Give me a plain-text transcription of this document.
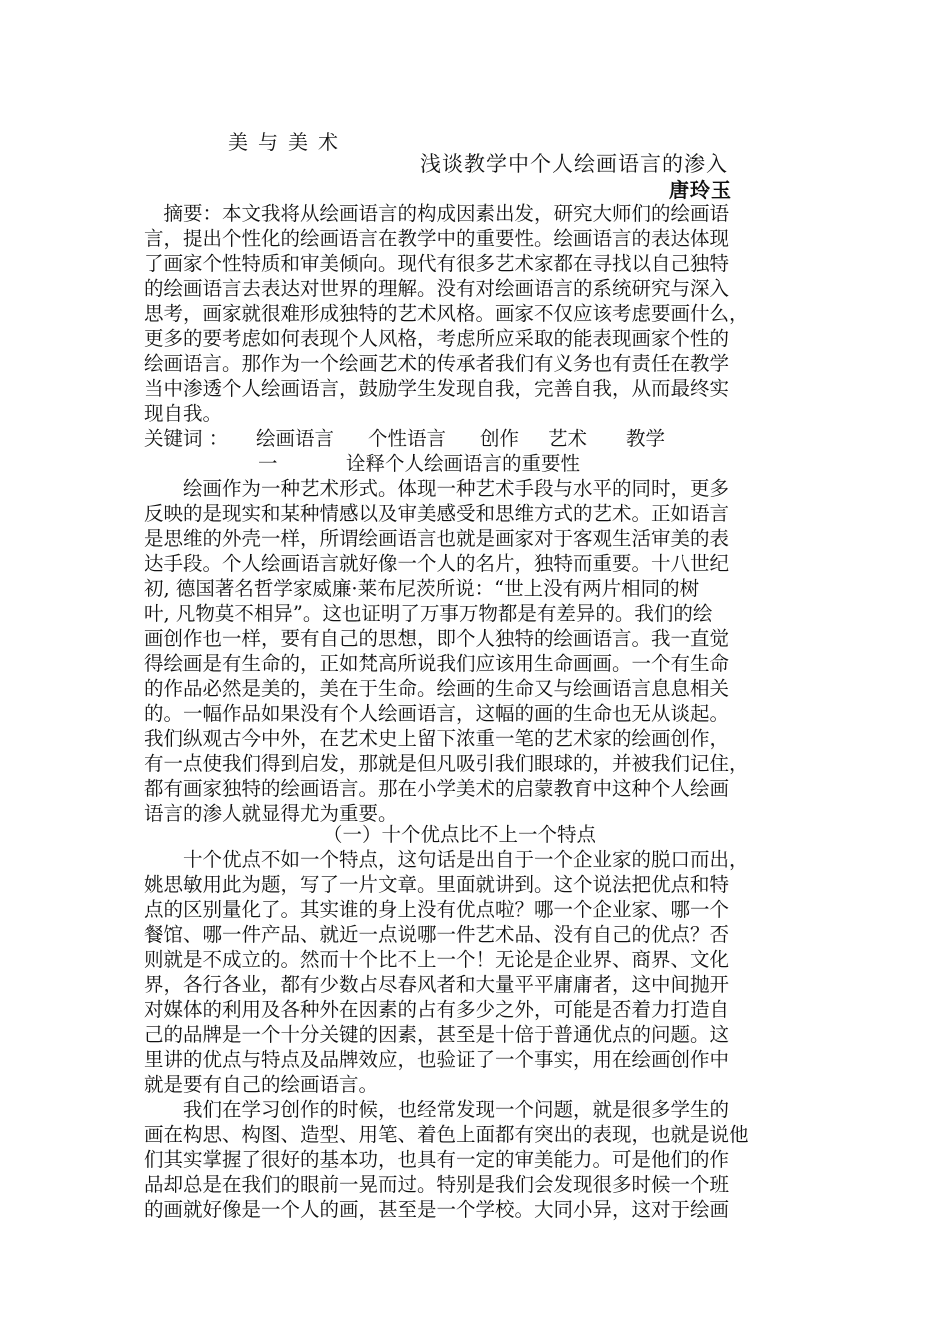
美与美术
浅谈教学中个人绘画语言的渗入
唐玲玉
　摘要：本文我将从绘画语言的构成因素出发，研究大师们的绘画语
言，提出个性化的绘画语言在教学中的重要性。绘画语言的表达体现
了画家个性特质和审美倾向。现代有很多艺术家都在寻找以自己独特
的绘画语言去表达对世界的理解。没有对绘画语言的系统研究与深入
思考，画家就很难形成独特的艺术风格。画家不仅应该考虑要画什么，
更多的要考虑如何表现个人风格，考虑所应采取的能表现画家个性的
绘画语言。那作为一个绘画艺术的传承者我们有义务也有责任在教学
当中渗透个人绘画语言，鼓励学生发现自我，完善自我，从而最终实
现自我。
关键词 ： 绘画语言 个性语言 创作 艺术 教学
一	诠释个人绘画语言的重要性
　　绘画作为一种艺术形式。体现一种艺术手段与水平的同时，更多
反映的是现实和某种情感以及审美感受和思维方式的艺术。正如语言
是思维的外壳一样，所谓绘画语言也就是画家对于客观生活审美的表
达手段。个人绘画语言就好像一个人的名片，独特而重要。十八世纪
初, 德国著名哲学家威廉·莱布尼茨所说：“世上没有两片相同的树
叶, 凡物莫不相异”。这也证明了万事万物都是有差异的。我们的绘
画创作也一样，要有自己的思想，即个人独特的绘画语言。我一直觉
得绘画是有生命的，正如梵高所说我们应该用生命画画。一个有生命
的作品必然是美的，美在于生命。绘画的生命又与绘画语言息息相关
的。一幅作品如果没有个人绘画语言，这幅的画的生命也无从谈起。
我们纵观古今中外，在艺术史上留下浓重一笔的艺术家的绘画创作，
有一点使我们得到启发，那就是但凡吸引我们眼球的，并被我们记住，
都有画家独特的绘画语言。那在小学美术的启蒙教育中这种个人绘画
语言的渗人就显得尤为重要。
（一）十个优点比不上一个特点
　　十个优点不如一个特点，这句话是出自于一个企业家的脱口而出，
姚思敏用此为题，写了一片文章。里面就讲到。这个说法把优点和特
点的区别量化了。其实谁的身上没有优点啦？哪一个企业家、哪一个
餐馆、哪一件产品、就近一点说哪一件艺术品、没有自己的优点？否
则就是不成立的。然而十个比不上一个！无论是企业界、商界、文化
界，各行各业，都有少数占尽春风者和大量平平庸庸者，这中间抛开
对媒体的利用及各种外在因素的占有多少之外，可能是否着力打造自
己的品牌是一个十分关键的因素，甚至是十倍于普通优点的问题。这
里讲的优点与特点及品牌效应，也验证了一个事实，用在绘画创作中
就是要有自己的绘画语言。
　　我们在学习创作的时候，也经常发现一个问题，就是很多学生的
画在构思、构图、造型、用笔、着色上面都有突出的表现，也就是说他
们其实掌握了很好的基本功，也具有一定的审美能力。可是他们的作
品却总是在我们的眼前一晃而过。特别是我们会发现很多时候一个班
的画就好像是一个人的画，甚至是一个学校。大同小异，这对于绘画
